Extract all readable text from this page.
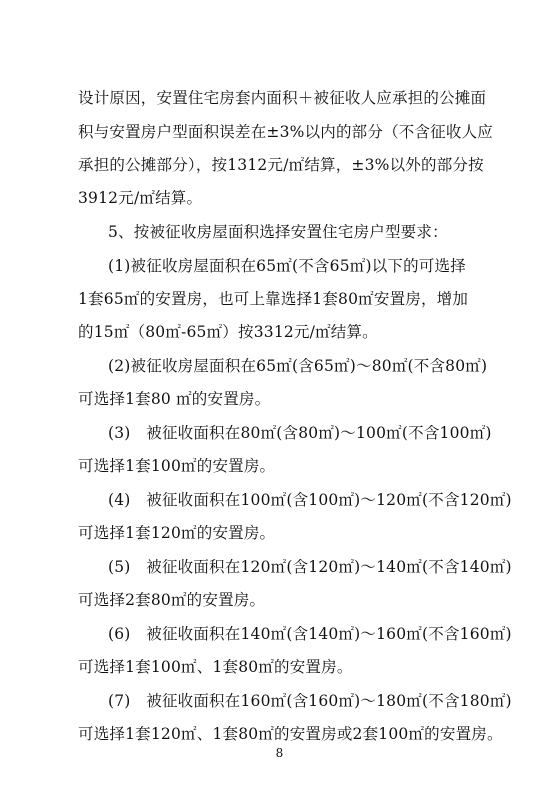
设计原因，安置住宅房套内面积＋被征收人应承担的公摊面
积与安置房户型面积误差在±3%以内的部分（不含征收人应
承担的公摊部分），按1312元/㎡结算，±3%以外的部分按
3912元/㎡结算。
5、按被征收房屋面积选择安置住宅房户型要求：
(1)被征收房屋面积在65㎡(不含65㎡)以下的可选择
1套65㎡的安置房，也可上靠选择1套80㎡安置房，增加
的15㎡（80㎡-65㎡）按3312元/㎡结算。
(2)被征收房屋面积在65㎡(含65㎡)～80㎡(不含80㎡)
可选择1套80 ㎡的安置房。
(3)　被征收面积在80㎡(含80㎡)～100㎡(不含100㎡)
可选择1套100㎡的安置房。
(4)　被征收面积在100㎡(含100㎡)～120㎡(不含120㎡)
可选择1套120㎡的安置房。
(5)　被征收面积在120㎡(含120㎡)～140㎡(不含140㎡)
可选择2套80㎡的安置房。
(6)　被征收面积在140㎡(含140㎡)～160㎡(不含160㎡)
可选择1套100㎡、1套80㎡的安置房。
(7)　被征收面积在160㎡(含160㎡)～180㎡(不含180㎡)
可选择1套120㎡、1套80㎡的安置房或2套100㎡的安置房。
8
